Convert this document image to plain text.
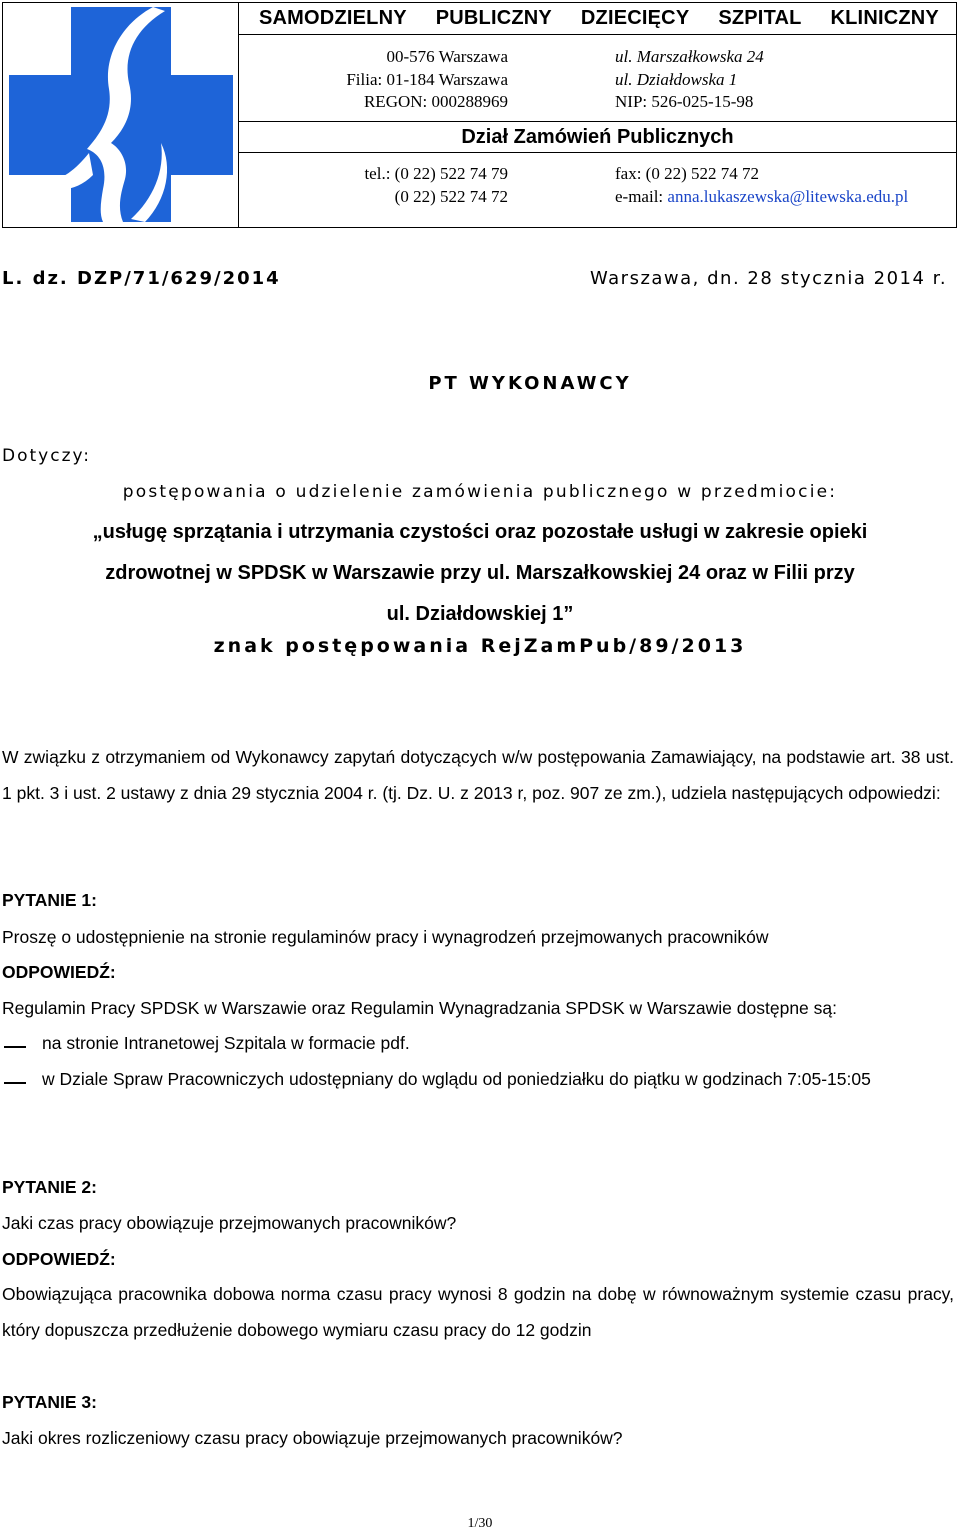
SAMODZIELNY PUBLICZNY DZIECIĘCY SZPITAL KLINICZNY
00-576 Warszawa
Filia: 01-184 Warszawa
REGON: 000288969
ul. Marszałkowska 24
ul. Działdowska 1
NIP: 526-025-15-98
Dział Zamówień Publicznych
tel.: (0 22) 522 74 79
(0 22) 522 74 72
fax: (0 22) 522 74 72
e-mail: anna.lukaszewska@litewska.edu.pl
L. dz. DZP/71/629/2014	Warszawa, dn. 28 stycznia 2014 r.
PT WYKONAWCY
Dotyczy:
postępowania o udzielenie zamówienia publicznego w przedmiocie:
„usługę sprzątania i utrzymania czystości oraz pozostałe usługi w zakresie opieki
zdrowotnej w SPDSK w Warszawie przy ul. Marszałkowskiej 24 oraz w Filii przy
ul. Działdowskiej 1”
znak postępowania RejZamPub/89/2013
W związku z otrzymaniem od Wykonawcy zapytań dotyczących w/w postępowania Zamawiający, na podstawie art. 38 ust. 1 pkt. 3 i ust. 2 ustawy z dnia 29 stycznia 2004 r. (tj. Dz. U. z 2013 r, poz. 907 ze zm.), udziela następujących odpowiedzi:
PYTANIE 1:
Proszę o udostępnienie na stronie regulaminów pracy i wynagrodzeń przejmowanych pracowników
ODPOWIEDŹ:
Regulamin Pracy SPDSK w Warszawie oraz Regulamin Wynagradzania SPDSK w Warszawie dostępne są:
na stronie Intranetowej Szpitala w formacie pdf.
w Dziale Spraw Pracowniczych udostępniany do wglądu od poniedziałku do piątku w godzinach 7:05-15:05
PYTANIE 2:
Jaki czas pracy obowiązuje przejmowanych pracowników?
ODPOWIEDŹ:
Obowiązująca pracownika dobowa norma czasu pracy wynosi 8 godzin na dobę w równoważnym systemie czasu pracy, który dopuszcza przedłużenie dobowego wymiaru czasu pracy do 12 godzin
PYTANIE 3:
Jaki okres rozliczeniowy czasu pracy obowiązuje przejmowanych pracowników?
1/30
